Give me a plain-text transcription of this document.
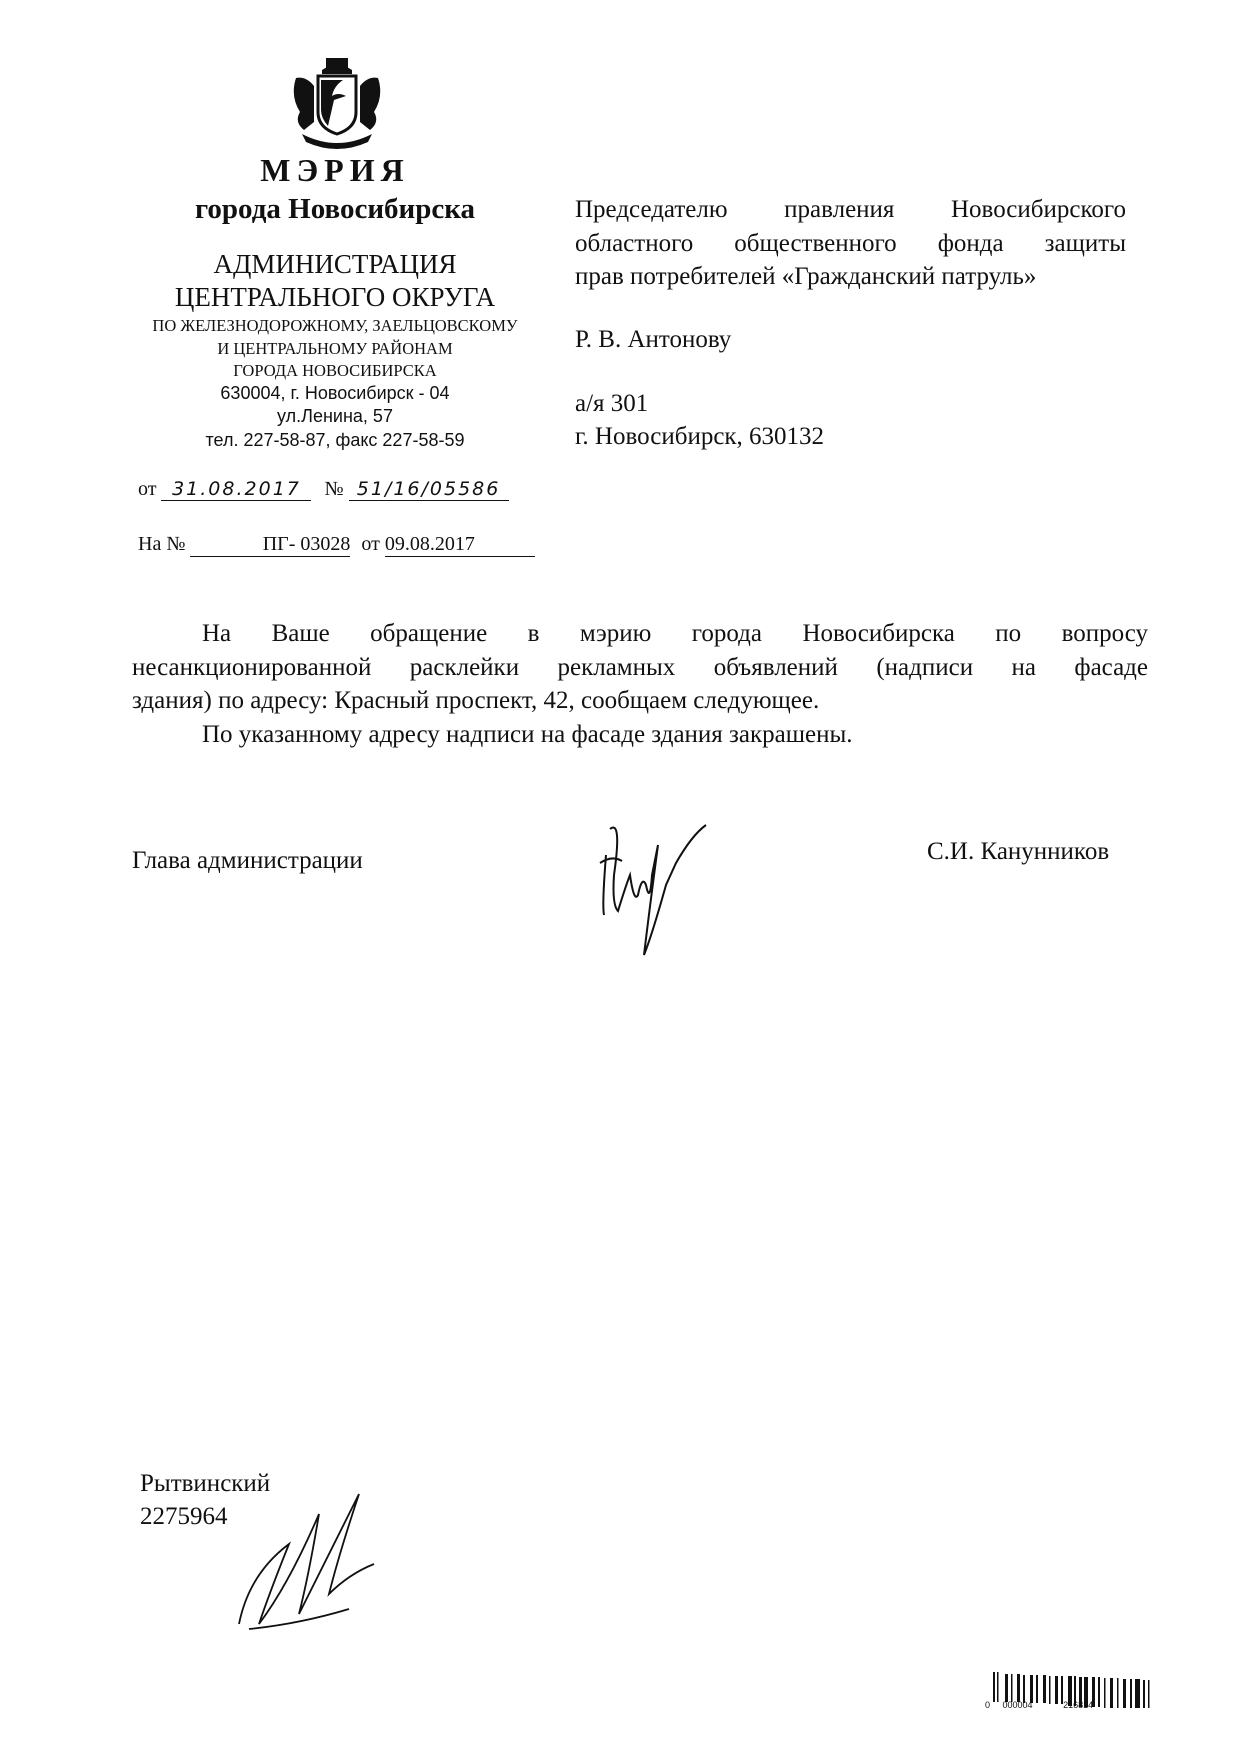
МЭРИЯ
города Новосибирска
АДМИНИСТРАЦИЯ
ЦЕНТРАЛЬНОГО ОКРУГА
ПО ЖЕЛЕЗНОДОРОЖНОМУ, ЗАЕЛЬЦОВСКОМУ
И ЦЕНТРАЛЬНОМУ РАЙОНАМ
ГОРОДА НОВОСИБИРСКА
630004, г. Новосибирск - 04
ул.Ленина, 57
тел. 227-58-87, факс 227-58-59
от 31.08.2017 № 51/16/05586
На №	ПГ- 03028 от 09.08.2017
Председателю правления Новосибирского
областного общественного фонда защиты
прав потребителей «Гражданский патруль»
Р. В. Антонову
а/я 301
г. Новосибирск, 630132
На Ваше обращение в мэрию города Новосибирска по вопросу
несанкционированной расклейки рекламных объявлений (надписи на фасаде
здания) по адресу: Красный проспект, 42, сообщаем следующее.
По указанному адресу надписи на фасаде здания закрашены.
Глава администрации	С.И. Канунников
Рытвинский
2275964
0 000004	216814
